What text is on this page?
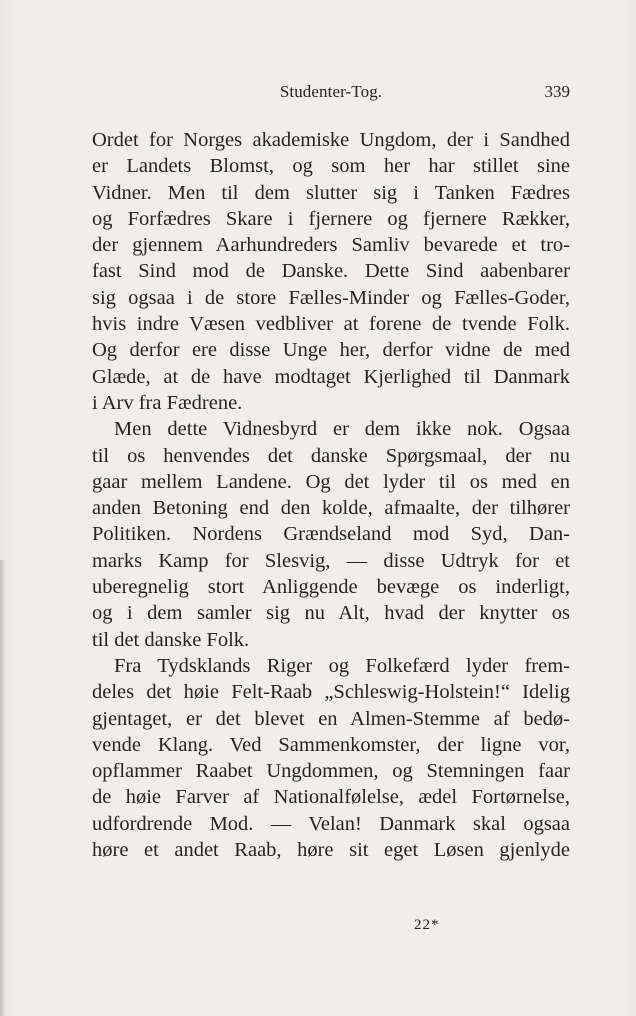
Studenter-Tog.	339
Ordet for Norges akademiske Ungdom, der i Sandhed
er Landets Blomst, og som her har stillet sine
Vidner. Men til dem slutter sig i Tanken Fædres
og Forfædres Skare i fjernere og fjernere Rækker,
der gjennem Aarhundreders Samliv bevarede et tro-
fast Sind mod de Danske. Dette Sind aabenbarer
sig ogsaa i de store Fælles-Minder og Fælles-Goder,
hvis indre Væsen vedbliver at forene de tvende Folk.
Og derfor ere disse Unge her, derfor vidne de med
Glæde, at de have modtaget Kjerlighed til Danmark
i Arv fra Fædrene.
Men dette Vidnesbyrd er dem ikke nok. Ogsaa
til os henvendes det danske Spørgsmaal, der nu
gaar mellem Landene. Og det lyder til os med en
anden Betoning end den kolde, afmaalte, der tilhører
Politiken. Nordens Grændseland mod Syd, Dan-
marks Kamp for Slesvig, — disse Udtryk for et
uberegnelig stort Anliggende bevæge os inderligt,
og i dem samler sig nu Alt, hvad der knytter os
til det danske Folk.
Fra Tydsklands Riger og Folkefærd lyder frem-
deles det høie Felt-Raab „Schleswig-Holstein!“ Idelig
gjentaget, er det blevet en Almen-Stemme af bedø-
vende Klang. Ved Sammenkomster, der ligne vor,
opflammer Raabet Ungdommen, og Stemningen faar
de høie Farver af Nationalfølelse, ædel Fortørnelse,
udfordrende Mod. — Velan! Danmark skal ogsaa
høre et andet Raab, høre sit eget Løsen gjenlyde
22*
